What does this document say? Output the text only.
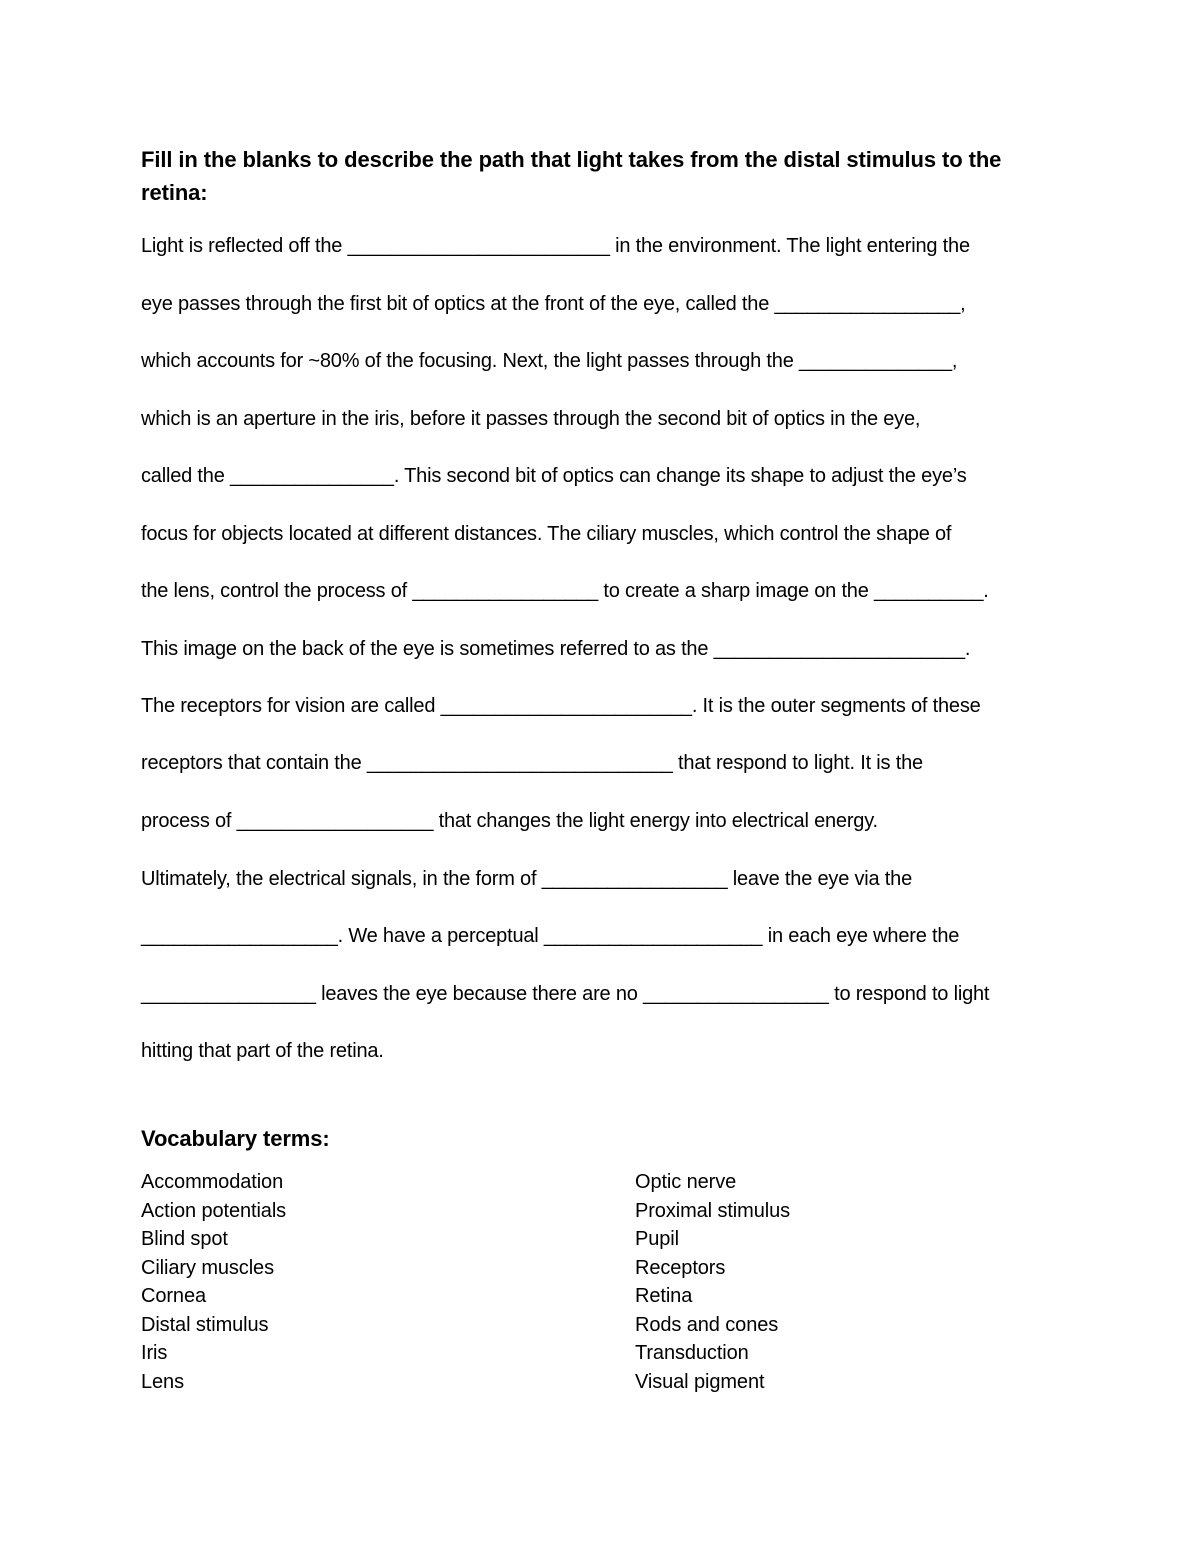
Fill in the blanks to describe the path that light takes from the distal stimulus to the retina:

Light is reflected off the ________________________ in the environment. The light entering the

eye passes through the first bit of optics at the front of the eye, called the _________________,

which accounts for ~80% of the focusing. Next, the light passes through the ______________,

which is an aperture in the iris, before it passes through the second bit of optics in the eye,

called the _______________. This second bit of optics can change its shape to adjust the eye’s

focus for objects located at different distances. The ciliary muscles, which control the shape of

the lens, control the process of _________________ to create a sharp image on the __________.

This image on the back of the eye is sometimes referred to as the _______________________.

The receptors for vision are called _______________________. It is the outer segments of these

receptors that contain the ____________________________ that respond to light. It is the

process of __________________ that changes the light energy into electrical energy.

Ultimately, the electrical signals, in the form of _________________ leave the eye via the

__________________. We have a perceptual ____________________ in each eye where the

________________ leaves the eye because there are no _________________ to respond to light

hitting that part of the retina.

Vocabulary terms:
Accommodation
Action potentials
Blind spot
Ciliary muscles
Cornea
Distal stimulus
Iris
Lens
Optic nerve
Proximal stimulus
Pupil
Receptors
Retina
Rods and cones
Transduction
Visual pigment
